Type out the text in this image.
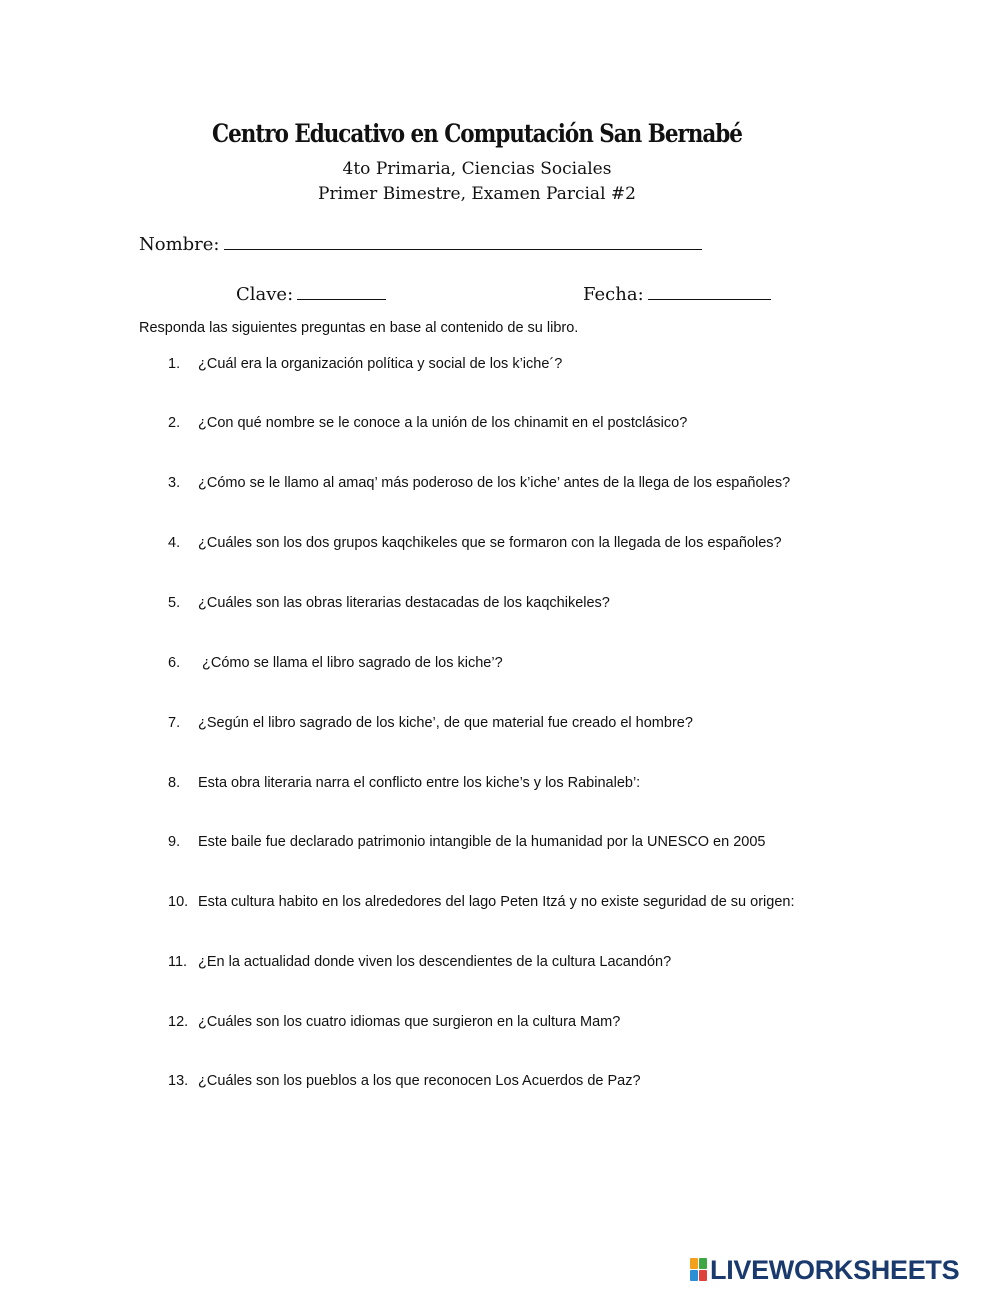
Centro Educativo en Computación San Bernabé
4to Primaria, Ciencias Sociales
Primer Bimestre, Examen Parcial #2
Nombre:
Clave:	Fecha:
Responda las siguientes preguntas en base al contenido de su libro.
1. ¿Cuál era la organización política y social de los k’iche´?
2. ¿Con qué nombre se le conoce a la unión de los chinamit en el postclásico?
3. ¿Cómo se le llamo al amaq’ más poderoso de los k’iche’ antes de la llega de los españoles?
4. ¿Cuáles son los dos grupos kaqchikeles que se formaron con la llegada de los españoles?
5. ¿Cuáles son las obras literarias destacadas de los kaqchikeles?
6. ¿Cómo se llama el libro sagrado de los kiche’?
7. ¿Según el libro sagrado de los kiche’, de que material fue creado el hombre?
8. Esta obra literaria narra el conflicto entre los kiche’s y los Rabinaleb’:
9. Este baile fue declarado patrimonio intangible de la humanidad por la UNESCO en 2005
10. Esta cultura habito en los alrededores del lago Peten Itzá y no existe seguridad de su origen:
11. ¿En la actualidad donde viven los descendientes de la cultura Lacandón?
12. ¿Cuáles son los cuatro idiomas que surgieron en la cultura Mam?
13. ¿Cuáles son los pueblos a los que reconocen Los Acuerdos de Paz?
LIVEWORKSHEETS
